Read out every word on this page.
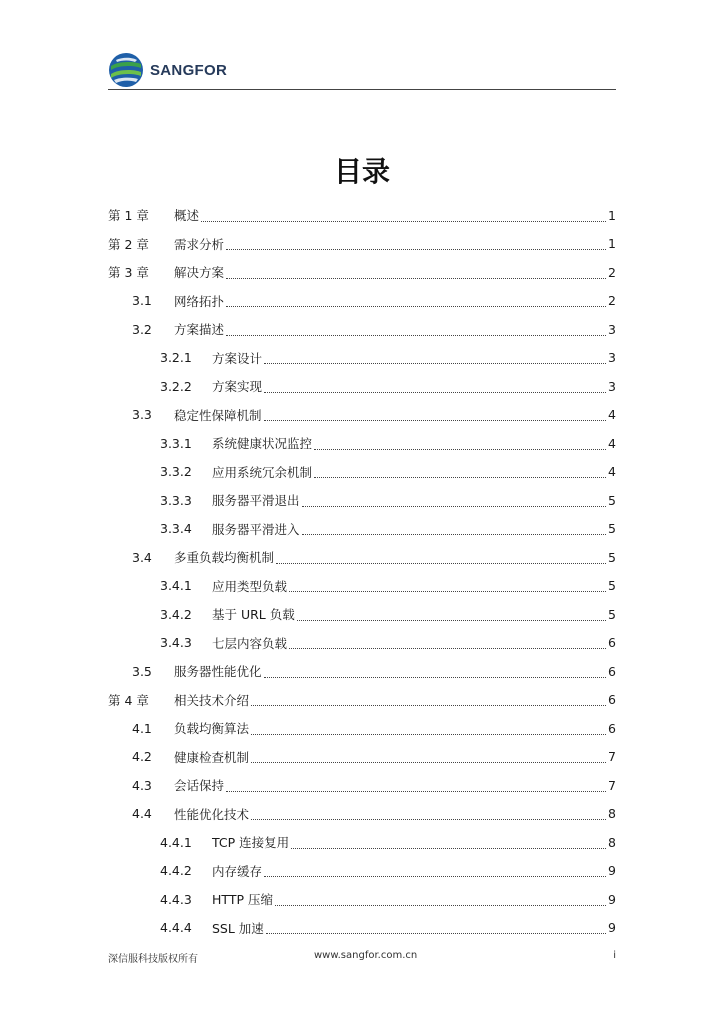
SANGFOR
目录
第 1 章 概述	1
第 2 章 需求分析	1
第 3 章 解决方案	2
3.1 网络拓扑	2
3.2 方案描述	3
3.2.1 方案设计	3
3.2.2 方案实现	3
3.3 稳定性保障机制	4
3.3.1 系统健康状况监控	4
3.3.2 应用系统冗余机制	4
3.3.3 服务器平滑退出	5
3.3.4 服务器平滑进入	5
3.4 多重负载均衡机制	5
3.4.1 应用类型负载	5
3.4.2 基于 URL 负载	5
3.4.3 七层内容负载	6
3.5 服务器性能优化	6
第 4 章 相关技术介绍	6
4.1 负载均衡算法	6
4.2 健康检查机制	7
4.3 会话保持	7
4.4 性能优化技术	8
4.4.1 TCP 连接复用	8
4.4.2 内存缓存	9
4.4.3 HTTP 压缩	9
4.4.4 SSL 加速	9
深信服科技版权所有	www.sangfor.com.cn	i
